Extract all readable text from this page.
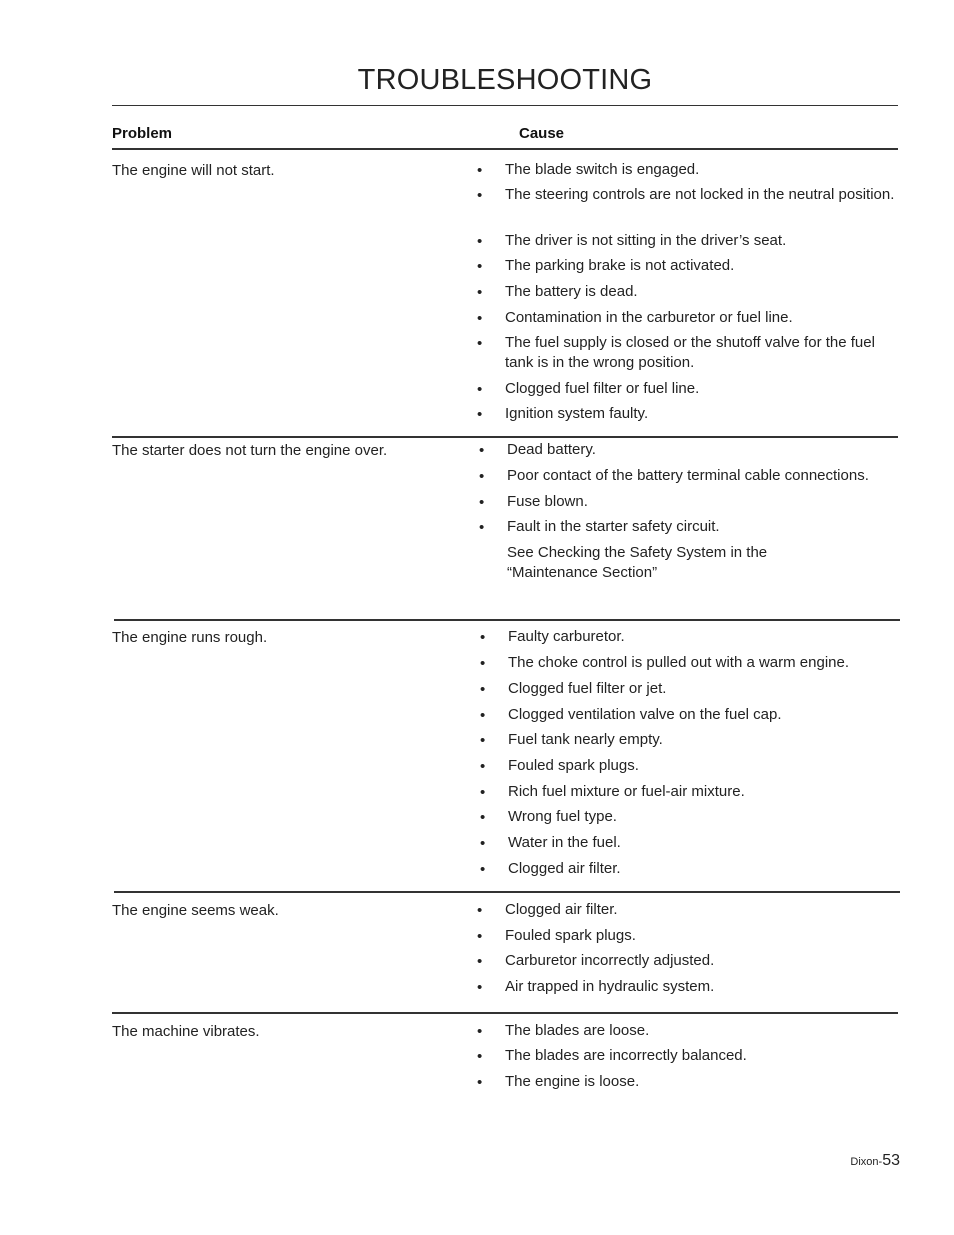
TROUBLESHOOTING
Problem	Cause
The engine will not start.	• The blade switch is engaged.
• The steering controls are not locked in the neutral position.
• The driver is not sitting in the driver’s seat.
• The parking brake is not activated.
• The battery is dead.
• Contamination in the carburetor or fuel line.
• The fuel supply is closed or the shutoff valve for the fuel tank is in the wrong position.
• Clogged fuel filter or fuel line.
• Ignition system faulty.
The starter does not turn the engine over.	• Dead battery.
• Poor contact of the battery terminal cable connections.
• Fuse blown.
• Fault in the starter safety circuit.
See Checking the Safety System in the “Maintenance Section”
The engine runs rough.	• Faulty carburetor.
• The choke control is pulled out with a warm engine.
• Clogged fuel filter or jet.
• Clogged ventilation valve on the fuel cap.
• Fuel tank nearly empty.
• Fouled spark plugs.
• Rich fuel mixture or fuel-air mixture.
• Wrong fuel type.
• Water in the fuel.
• Clogged air filter.
The engine seems weak.	• Clogged air filter.
• Fouled spark plugs.
• Carburetor incorrectly adjusted.
• Air trapped in hydraulic system.
The machine vibrates.	• The blades are loose.
• The blades are incorrectly balanced.
• The engine is loose.
Dixon-53
